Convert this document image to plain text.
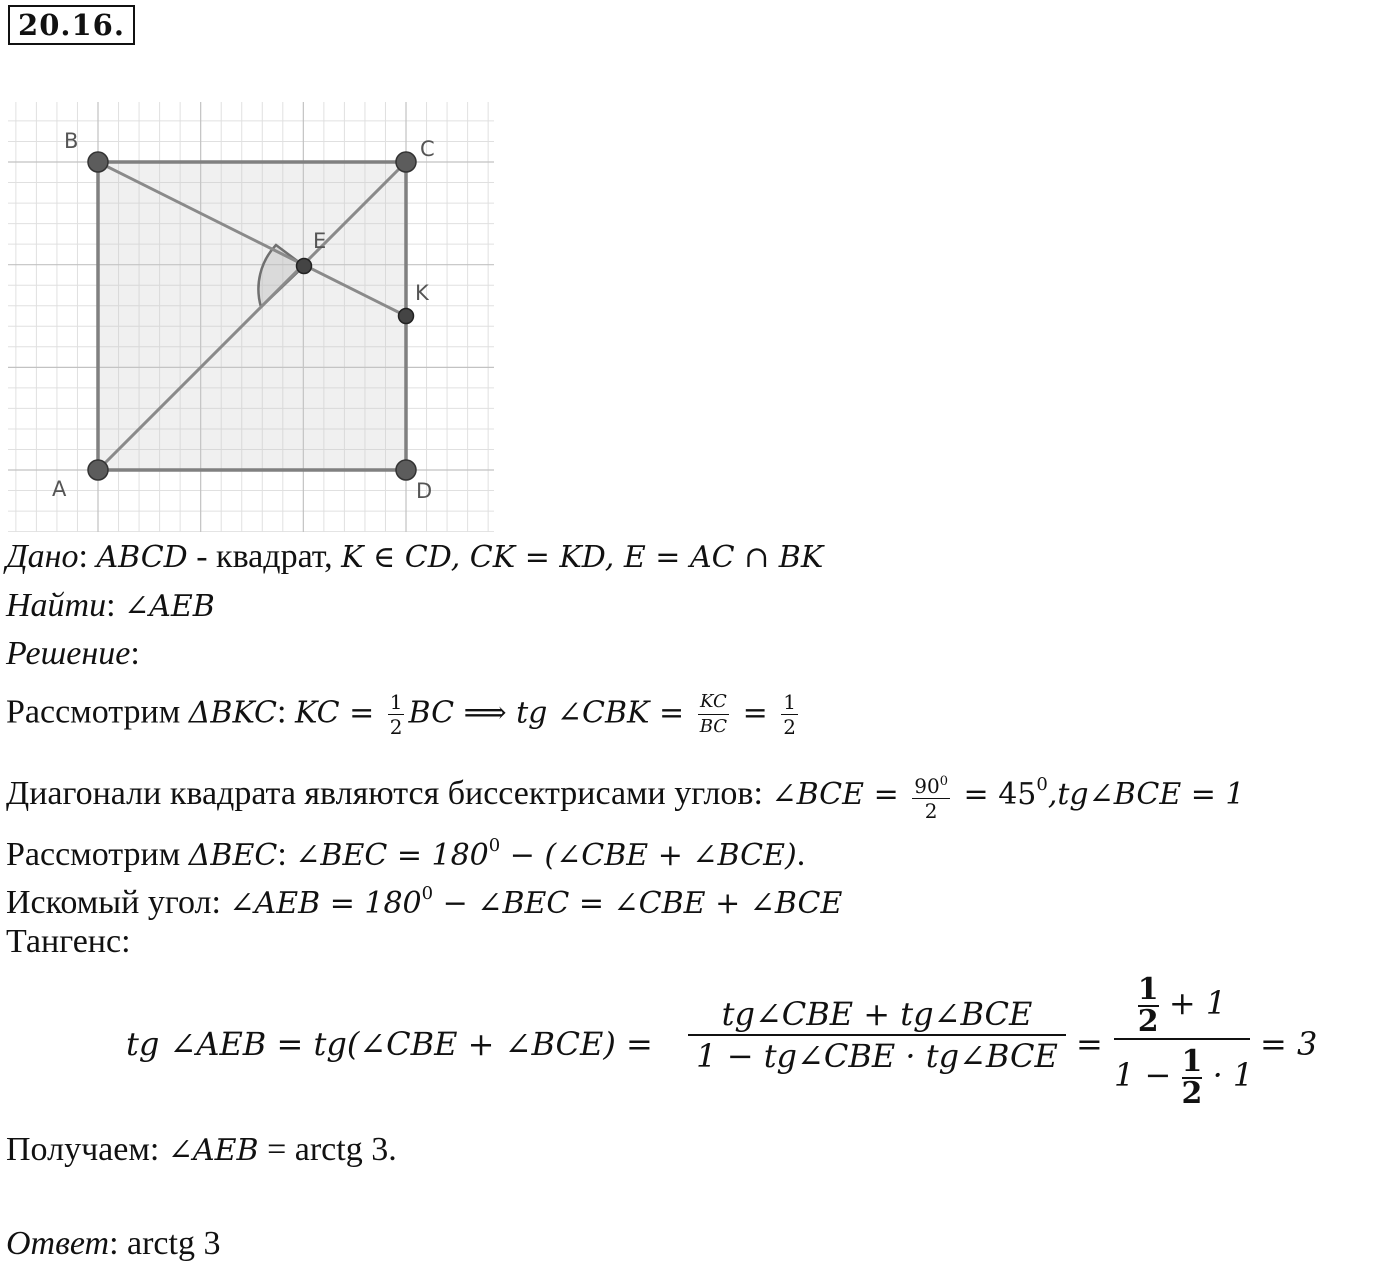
20.16.
B	C
E
K
A	D
Дано: ABCD - квадрат, K ∈ CD, CK = KD, E = AC ∩ BK
Найти: ∠AEB
Решение:
Рассмотрим ΔBKC: KC = $\frac{1}{2}$ BC ⟹ tg ∠CBK = $\frac{KC}{BC} = \frac{1}{2}$
Диагонали квадрата являются биссектрисами углов: ∠BCE = $\frac{90^0}{2}$ = $45^0,tg\angle BCE = 1$
Рассмотрим ΔBEC: ∠BEC = $180^0$ − (∠CBE + ∠BCE).
Искомый угол: ∠AEB = $180^0$ − ∠BEC = ∠CBE + ∠BCE
Тангенс:
tg ∠AEB = tg(∠CBE + ∠BCE) =
tg∠CBE + tg∠BCE
1 − tg∠CBE · tg∠BCE =
$\frac{1}{2} + 1$
$1 - \frac{1}{2} \cdot 1$
= 3
Получаем: ∠AEB = arctg 3.
Ответ: arctg 3
